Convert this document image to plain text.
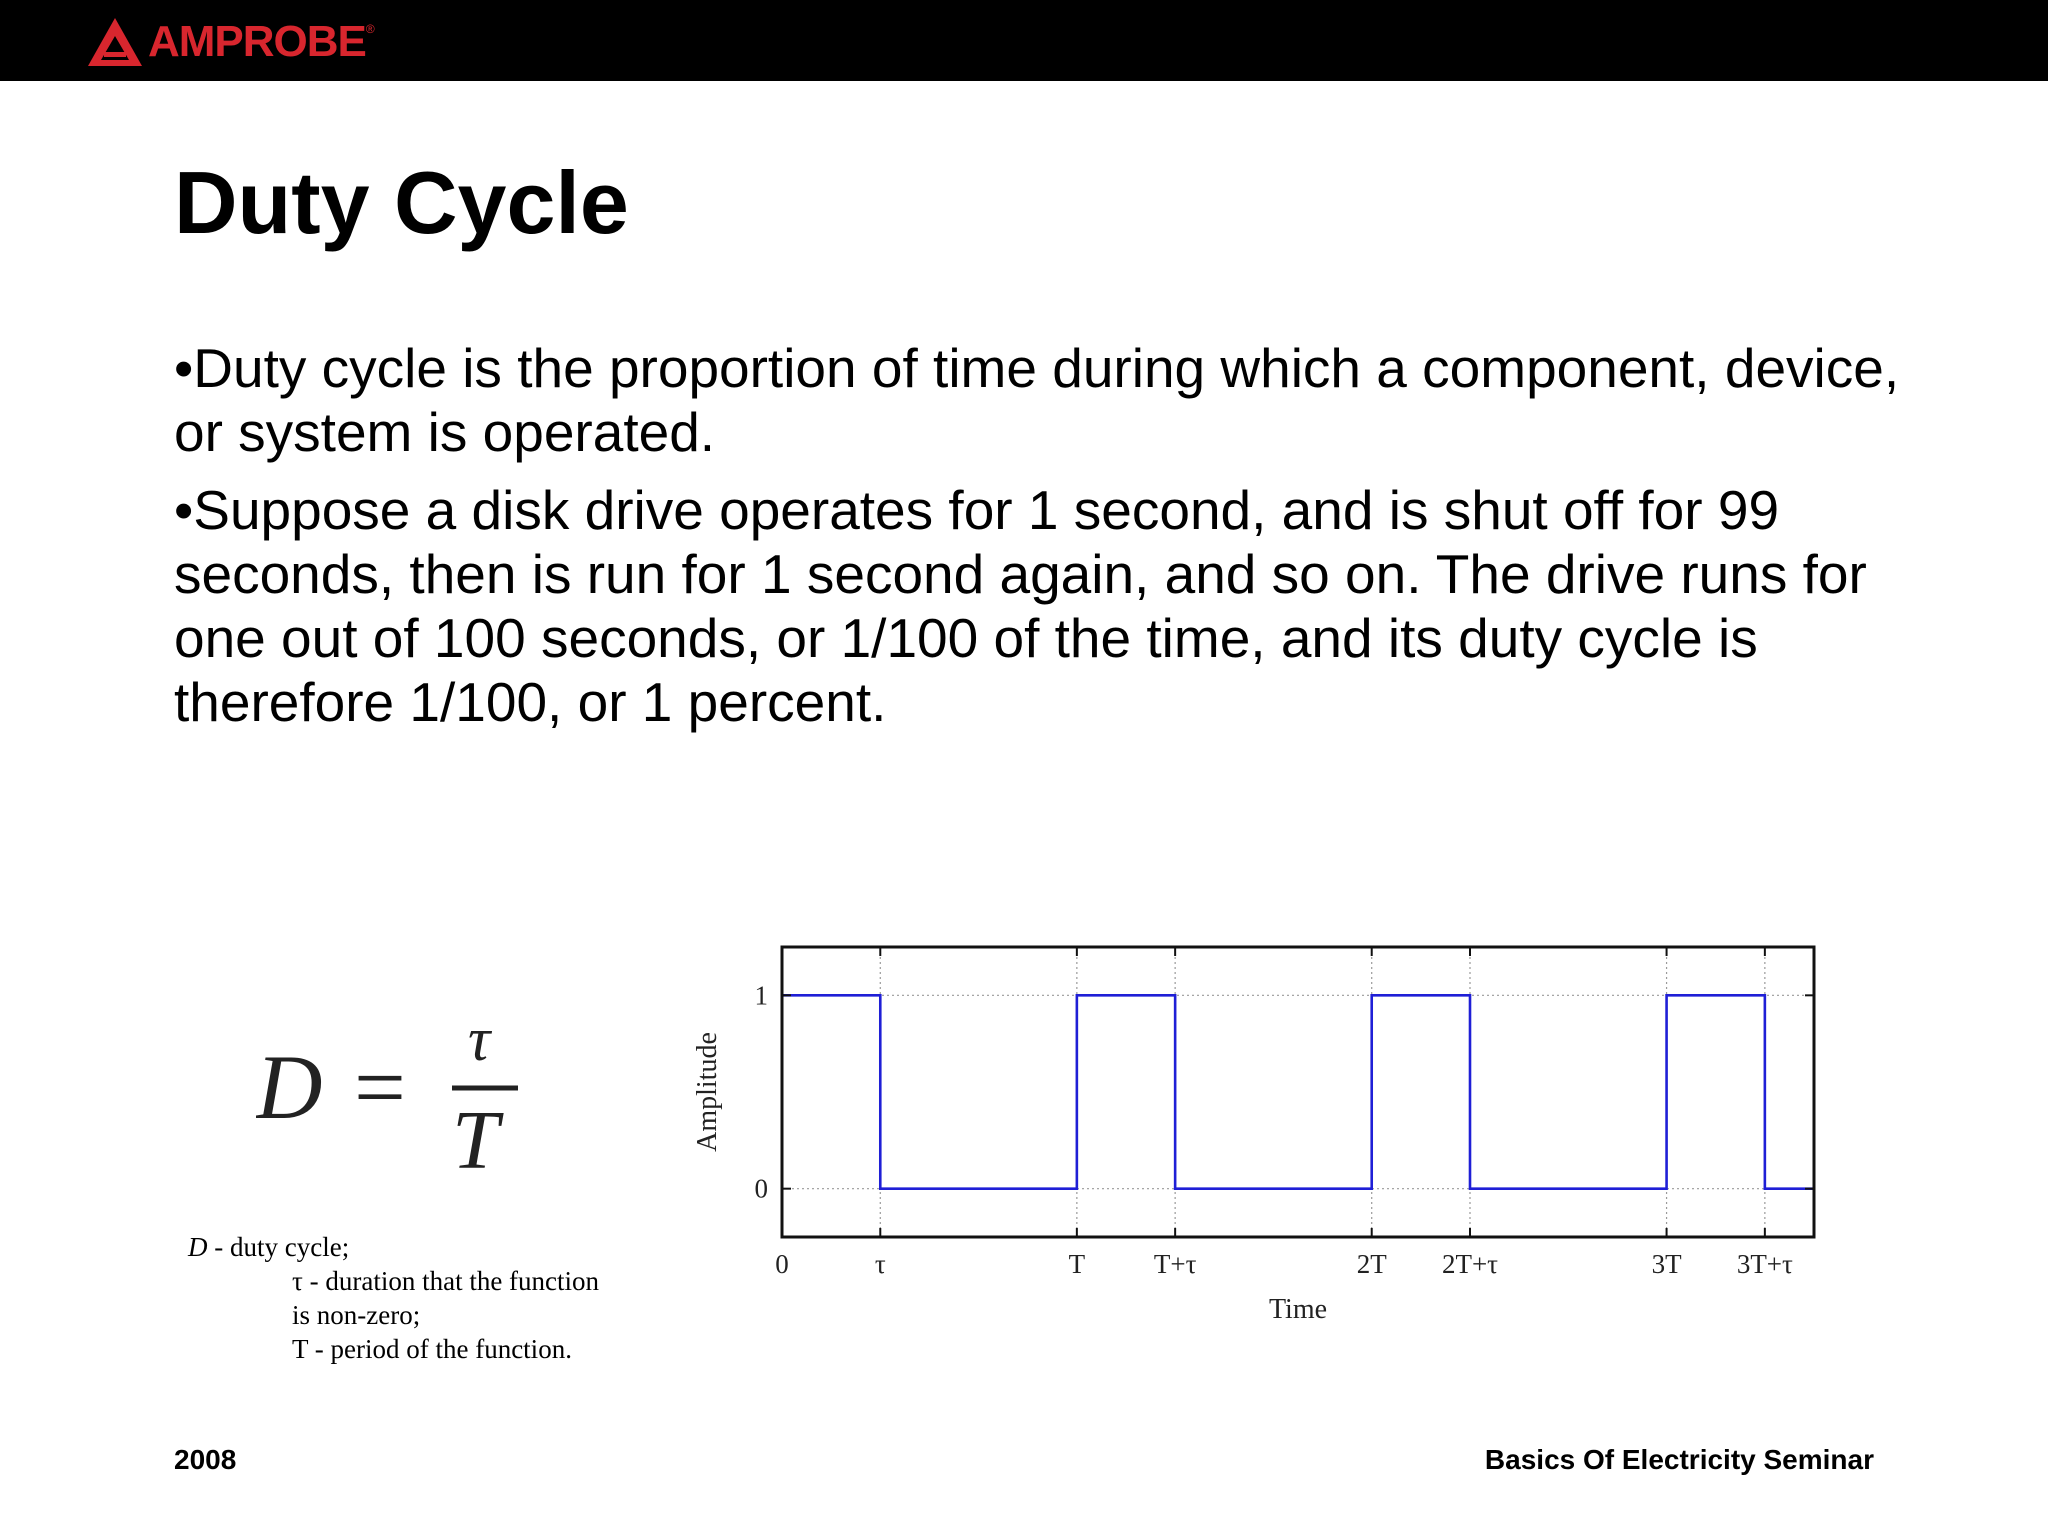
AMPROBE ®
Duty Cycle

•Duty cycle is the proportion of time during which a component, device, or system is operated.

•Suppose a disk drive operates for 1 second, and is shut off for 99 seconds, then is run for 1 second again, and so on. The drive runs for one out of 100 seconds, or 1/100 of the time, and its duty cycle is therefore 1/100, or 1 percent.

D = τ
T
D - duty cycle;
τ - duration that the function
is non-zero;
T - period of the function.
0	τ	T	T+τ	2T 2T+τ	3T 3T+τ
0
1
Time
Amplitude
2008	Basics Of Electricity Seminar
